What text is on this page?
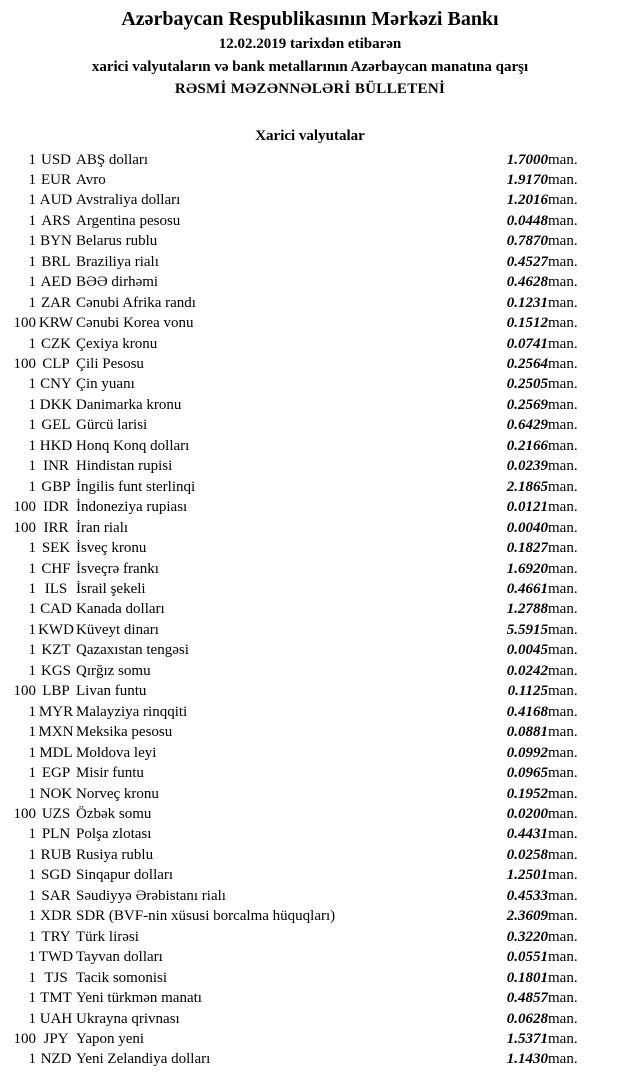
Azərbaycan Respublikasının Mərkəzi Bankı
12.02.2019 tarixdən etibarən
xarici valyutaların və bank metallarının Azərbaycan manatına qarşı
RƏSMİ MƏZƏNNƏLƏRİ BÜLLETENİ
Xarici valyutalar
1	USD	ABŞ dolları	1.7000	man.
1	EUR	Avro	1.9170	man.
1	AUD	Avstraliya dolları	1.2016	man.
1	ARS	Argentina pesosu	0.0448	man.
1	BYN	Belarus rublu	0.7870	man.
1	BRL	Braziliya rialı	0.4527	man.
1	AED	BƏƏ dirhəmi	0.4628	man.
1	ZAR	Cənubi Afrika randı	0.1231	man.
100	KRW	Cənubi Korea vonu	0.1512	man.
1	CZK	Çexiya kronu	0.0741	man.
100	CLP	Çili Pesosu	0.2564	man.
1	CNY	Çin yuanı	0.2505	man.
1	DKK	Danimarka kronu	0.2569	man.
1	GEL	Gürcü larisi	0.6429	man.
1	HKD	Honq Konq dolları	0.2166	man.
1	INR	Hindistan rupisi	0.0239	man.
1	GBP	İngilis funt sterlinqi	2.1865	man.
100	IDR	İndoneziya rupiası	0.0121	man.
100	IRR	İran rialı	0.0040	man.
1	SEK	İsveç kronu	0.1827	man.
1	CHF	İsveçrə frankı	1.6920	man.
1	ILS	İsrail şekeli	0.4661	man.
1	CAD	Kanada dolları	1.2788	man.
1	KWD	Küveyt dinarı	5.5915	man.
1	KZT	Qazaxıstan tengəsi	0.0045	man.
1	KGS	Qırğız somu	0.0242	man.
100	LBP	Livan funtu	0.1125	man.
1	MYR	Malayziya rinqqiti	0.4168	man.
1	MXN	Meksika pesosu	0.0881	man.
1	MDL	Moldova leyi	0.0992	man.
1	EGP	Misir funtu	0.0965	man.
1	NOK	Norveç kronu	0.1952	man.
100	UZS	Özbək somu	0.0200	man.
1	PLN	Polşa zlotası	0.4431	man.
1	RUB	Rusiya rublu	0.0258	man.
1	SGD	Sinqapur dolları	1.2501	man.
1	SAR	Səudiyyə Ərəbistanı rialı	0.4533	man.
1	XDR	SDR (BVF-nin xüsusi borcalma hüquqları)	2.3609	man.
1	TRY	Türk lirəsi	0.3220	man.
1	TWD	Tayvan dolları	0.0551	man.
1	TJS	Tacik somonisi	0.1801	man.
1	TMT	Yeni türkmən manatı	0.4857	man.
1	UAH	Ukrayna qrivnası	0.0628	man.
100	JPY	Yapon yeni	1.5371	man.
1	NZD	Yeni Zelandiya dolları	1.1430	man.
